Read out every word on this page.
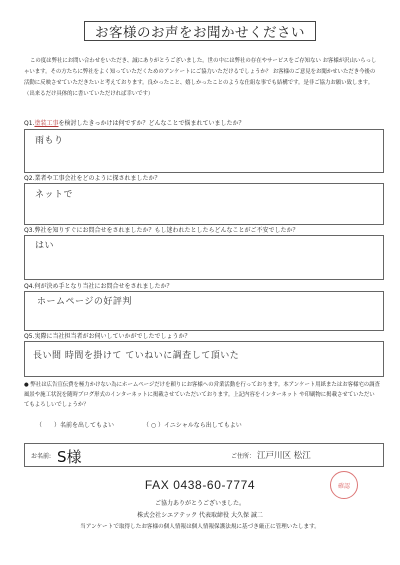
お客様のお声をお聞かせください
この度は弊社にお問い合わせをいただき、誠にありがとうございました。世の中には弊社の存在やサービスをご存知ない お客様が沢山いらっしゃいます。その方たちに弊社をよく知っていただくためのアンケートにご協力いただけるでしょうか？ お客様のご意見をお聞かせいただき今後の活動に反映させていただきたいと考えております。良かったこと、嬉しかったことのような仕組な事でも結構です。是非ご協力お願い致します。（出来るだけ具体的に書いていただければ幸いです）
Q1.塗装工事を検討したきっかけは何ですか？どんなことで悩まれていましたか？
雨もり
Q2.業者や工事会社をどのように探されましたか？
ネットで
Q3.弊社を知りすぐにお問合せをされましたか？もし迷われたとしたらどんなことがご不安でしたか？
はい
Q4.何が決め手となり当社にお問合せをされましたか？
ホームページの好評判
Q5.実際に当社担当者がお伺いしていかがでしたでしょうか？
長い間 時間を掛けて ていねいに調査して頂いた
● 弊社は広告宣伝費を極力かけない為にホームページだけを頼りにお客様への営業活動を行っております。本アンケート用紙またはお客様宅の調査風景や施工状況を随時ブログ形式のインターネットに掲載させていただいております。上記内容をインターネット や印刷物に掲載させていただいてもよろしいでしょうか？
（　　）名前を出してもよい	（ ○ ）イニシャルなら出してもよい
お名前: S様	ご住所： 江戸川区 松江
確認
FAX 0438-60-7774
ご協力ありがとうございました。
株式会社シエアテック 代表取締役 大久保 誠二
当アンケートで取得したお客様の個人情報は個人情報保護法規に基づき厳正に管理いたします。
